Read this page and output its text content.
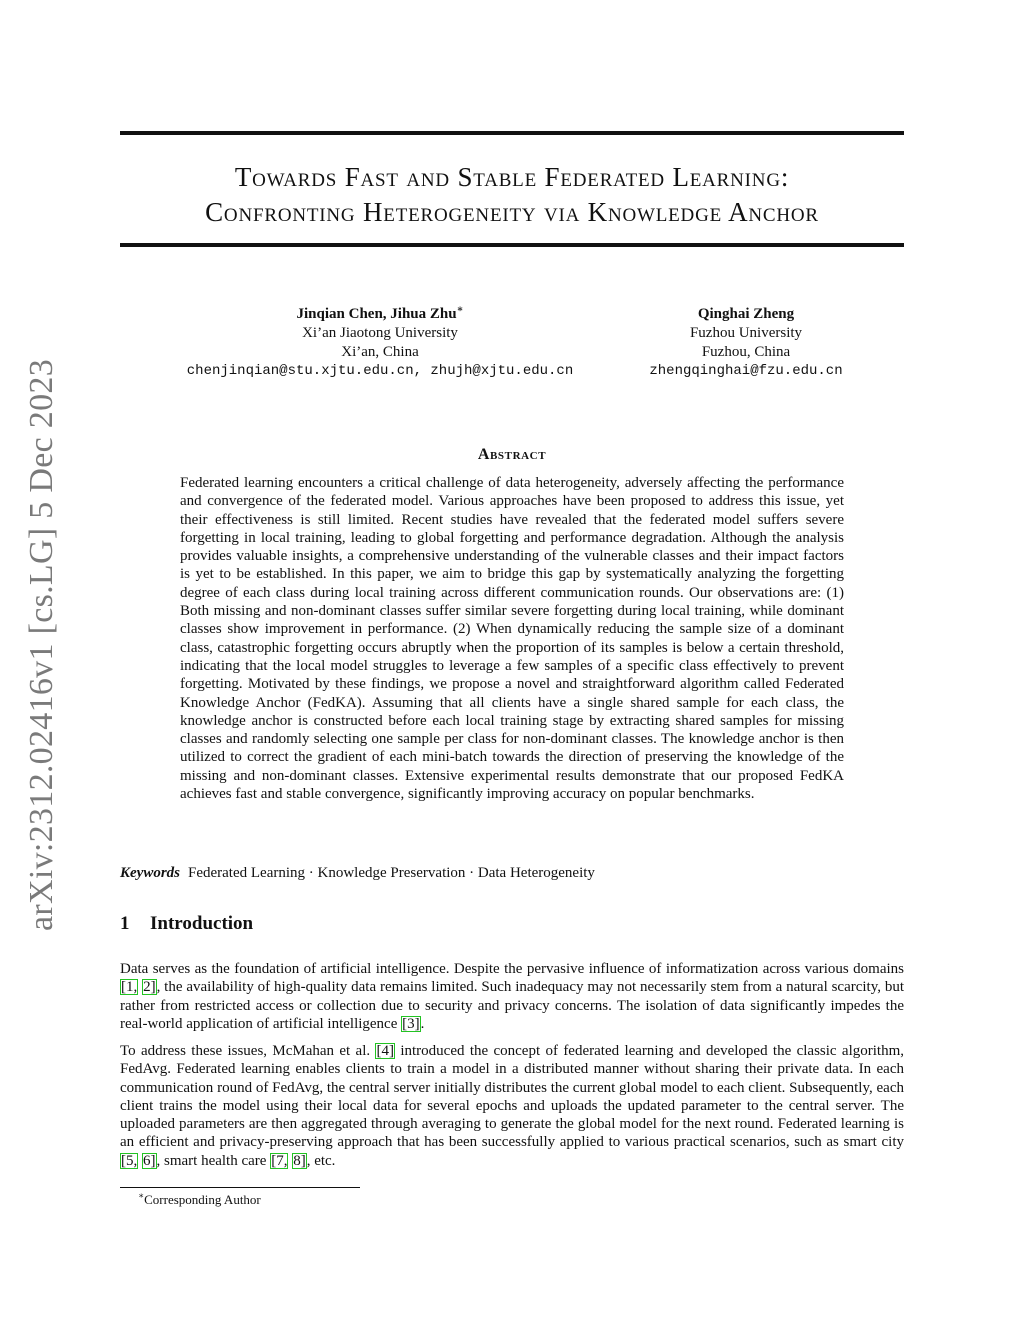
arXiv:2312.02416v1 [cs.LG] 5 Dec 2023
Towards Fast and Stable Federated Learning:
Confronting Heterogeneity via Knowledge Anchor
Jinqian Chen, Jihua Zhu∗
Xi’an Jiaotong University
Xi’an, China
chenjinqian@stu.xjtu.edu.cn, zhujh@xjtu.edu.cn
Qinghai Zheng
Fuzhou University
Fuzhou, China
zhengqinghai@fzu.edu.cn
Abstract

Federated learning encounters a critical challenge of data heterogeneity, adversely affecting the performance and convergence of the federated model. Various approaches have been proposed to address this issue, yet their effectiveness is still limited. Recent studies have revealed that the federated model suffers severe forgetting in local training, leading to global forgetting and performance degradation. Although the analysis provides valuable insights, a comprehensive understanding of the vulnerable classes and their impact factors is yet to be established. In this paper, we aim to bridge this gap by systematically analyzing the forgetting degree of each class during local training across different communication rounds. Our observations are: (1) Both missing and non-dominant classes suffer similar severe forgetting during local training, while dominant classes show improvement in performance. (2) When dynamically reducing the sample size of a dominant class, catastrophic forgetting occurs abruptly when the proportion of its samples is below a certain threshold, indicating that the local model struggles to leverage a few samples of a specific class effectively to prevent forgetting. Motivated by these findings, we propose a novel and straightforward algorithm called Federated Knowledge Anchor (FedKA). Assuming that all clients have a single shared sample for each class, the knowledge anchor is constructed before each local training stage by extracting shared samples for missing classes and randomly selecting one sample per class for non-dominant classes. The knowledge anchor is then utilized to correct the gradient of each mini-batch towards the direction of preserving the knowledge of the missing and non-dominant classes. Extensive experimental results demonstrate that our proposed FedKA achieves fast and stable convergence, significantly improving accuracy on popular benchmarks.

Keywords Federated Learning · Knowledge Preservation · Data Heterogeneity
1 Introduction

Data serves as the foundation of artificial intelligence. Despite the pervasive influence of informatization across various domains [1, 2], the availability of high-quality data remains limited. Such inadequacy may not necessarily stem from a natural scarcity, but rather from restricted access or collection due to security and privacy concerns. The isolation of data significantly impedes the real-world application of artificial intelligence [3].

To address these issues, McMahan et al. [4] introduced the concept of federated learning and developed the classic algorithm, FedAvg. Federated learning enables clients to train a model in a distributed manner without sharing their private data. In each communication round of FedAvg, the central server initially distributes the current global model to each client. Subsequently, each client trains the model using their local data for several epochs and uploads the updated parameter to the central server. The uploaded parameters are then aggregated through averaging to generate the global model for the next round. Federated learning is an efficient and privacy-preserving approach that has been successfully applied to various practical scenarios, such as smart city [5, 6], smart health care [7, 8], etc.

∗Corresponding Author
